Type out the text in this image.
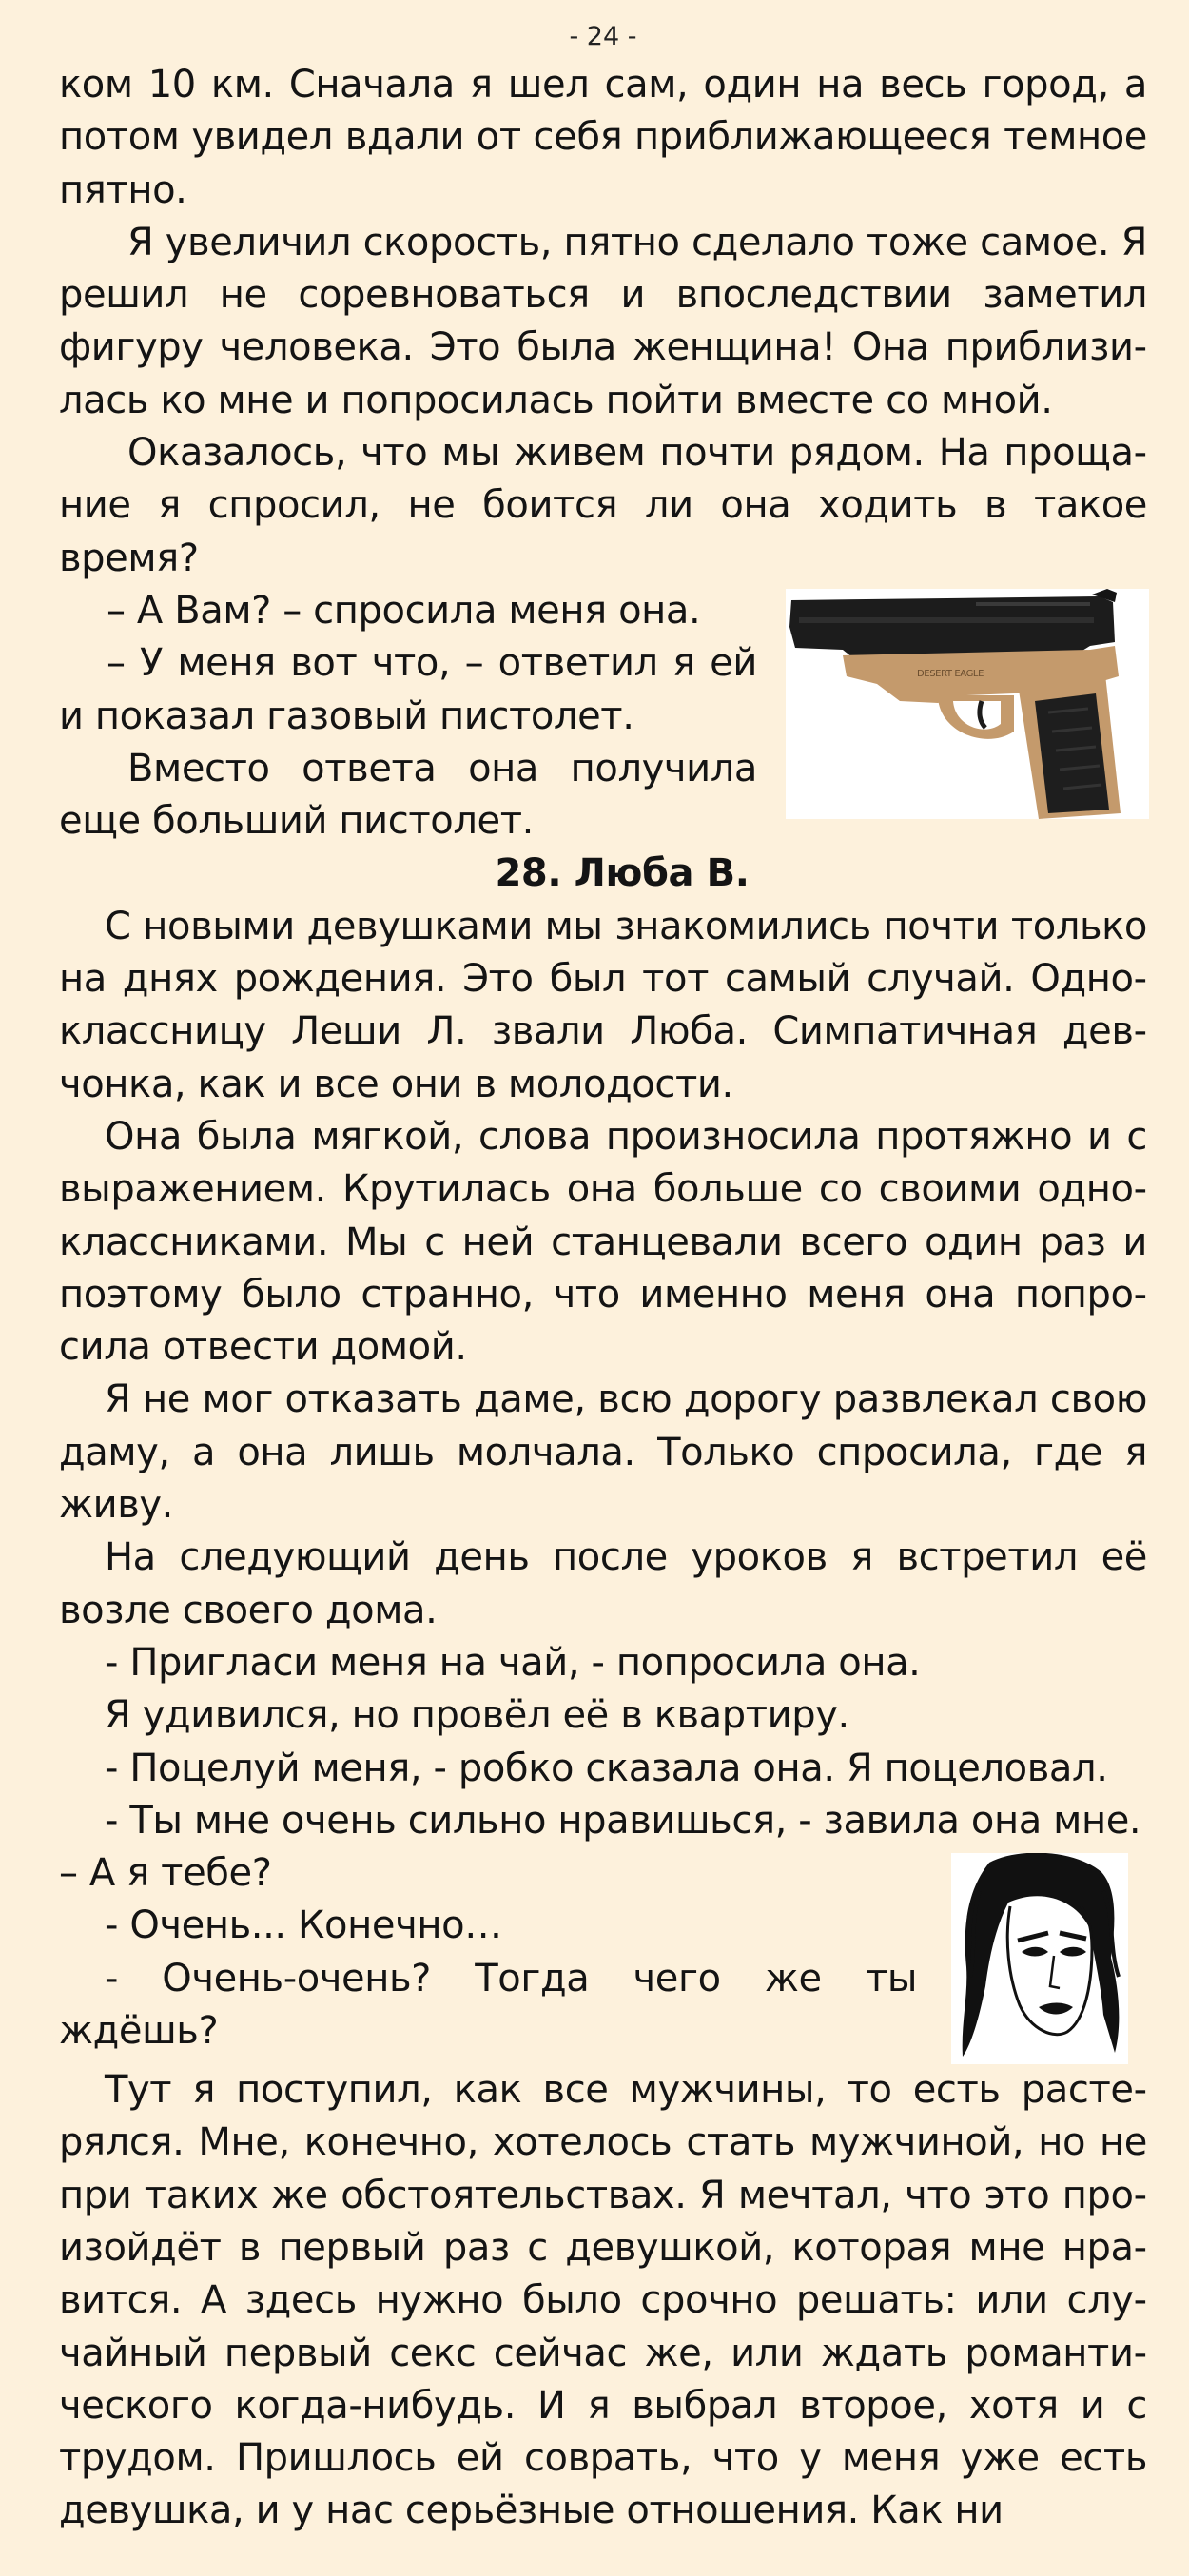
- 24 -

ком 10 км. Сначала я шел сам, один на весь город, а потом увидел вдали от себя приближающееся темное пятно.

Я увеличил скорость, пятно сделало тоже самое. Я решил не соревноваться и впоследствии заметил фигуру человека. Это была женщина! Она приблизилась ко мне и попросилась пойти вместе со мной.

Оказалось, что мы живем почти рядом. На прощание я спросил, не боится ли она ходить в такое время?

DESERT EAGLE

– А Вам? – спросила меня она.

– У меня вот что, – ответил я ей и показал газовый пистолет.

Вместо ответа она получила еще больший пистолет.

28. Люба В.

С новыми девушками мы знакомились почти только на днях рождения. Это был тот самый случай. Одноклассницу Леши Л. звали Люба. Симпатичная девчонка, как и все они в молодости.

Она была мягкой, слова произносила протяжно и с выражением. Крутилась она больше со своими одноклассниками. Мы с ней станцевали всего один раз и поэтому было странно, что именно меня она попросила отвести домой.

Я не мог отказать даме, всю дорогу развлекал свою даму, а она лишь молчала. Только спросила, где я живу.

На следующий день после уроков я встретил её возле своего дома.

- Пригласи меня на чай, - попросила она.

Я удивился, но провёл её в квартиру.

- Поцелуй меня, - робко сказала она. Я поцеловал.

- Ты мне очень сильно нравишься, - завила она мне.

– А я тебе?

- Очень... Конечно…

- Очень-очень? Тогда чего же ты ждёшь?

Тут я поступил, как все мужчины, то есть растерялся. Мне, конечно, хотелось стать мужчиной, но не при таких же обстоятельствах. Я мечтал, что это произойдёт в первый раз с девушкой, которая мне нравится. А здесь нужно было срочно решать: или случайный первый секс сейчас же, или ждать романтического когда-нибудь. И я выбрал второе, хотя и с трудом. Пришлось ей соврать, что у меня уже есть девушка, и у нас серьёзные отношения. Как ни
